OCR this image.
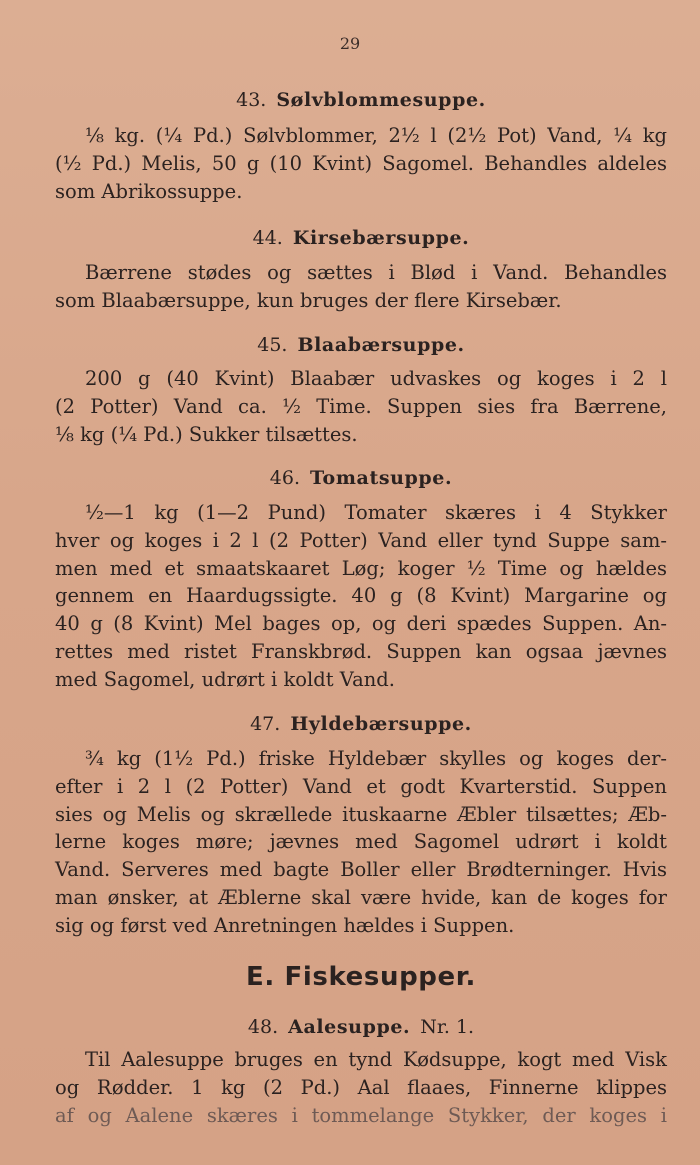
29
43. Sølvblommesuppe.

⅛ kg. (¼ Pd.) Sølvblommer, 2½ l (2½ Pot) Vand, ¼ kg
(½ Pd.) Melis, 50 g (10 Kvint) Sagomel. Behandles aldeles
som Abrikossuppe.

44. Kirsebærsuppe.

Bærrene stødes og sættes i Blød i Vand. Behandles
som Blaabærsuppe, kun bruges der flere Kirsebær.

45. Blaabærsuppe.

200 g (40 Kvint) Blaabær udvaskes og koges i 2 l
(2 Potter) Vand ca. ½ Time. Suppen sies fra Bærrene,
⅛ kg (¼ Pd.) Sukker tilsættes.

46. Tomatsuppe.

½—1 kg (1—2 Pund) Tomater skæres i 4 Stykker
hver og koges i 2 l (2 Potter) Vand eller tynd Suppe sam-
men med et smaatskaaret Løg; koger ½ Time og hældes
gennem en Haardugssigte. 40 g (8 Kvint) Margarine og
40 g (8 Kvint) Mel bages op, og deri spædes Suppen. An-
rettes med ristet Franskbrød. Suppen kan ogsaa jævnes
med Sagomel, udrørt i koldt Vand.

47. Hyldebærsuppe.

¾ kg (1½ Pd.) friske Hyldebær skylles og koges der-
efter i 2 l (2 Potter) Vand et godt Kvarterstid. Suppen
sies og Melis og skrællede ituskaarne Æbler tilsættes; Æb-
lerne koges møre; jævnes med Sagomel udrørt i koldt
Vand. Serveres med bagte Boller eller Brødterninger. Hvis
man ønsker, at Æblerne skal være hvide, kan de koges for
sig og først ved Anretningen hældes i Suppen.

E. Fiskesupper.
48. Aalesuppe. Nr. 1.

Til Aalesuppe bruges en tynd Kødsuppe, kogt med Visk
og Rødder. 1 kg (2 Pd.) Aal flaaes, Finnerne klippes
af og Aalene skæres i tommelange Stykker, der koges i
